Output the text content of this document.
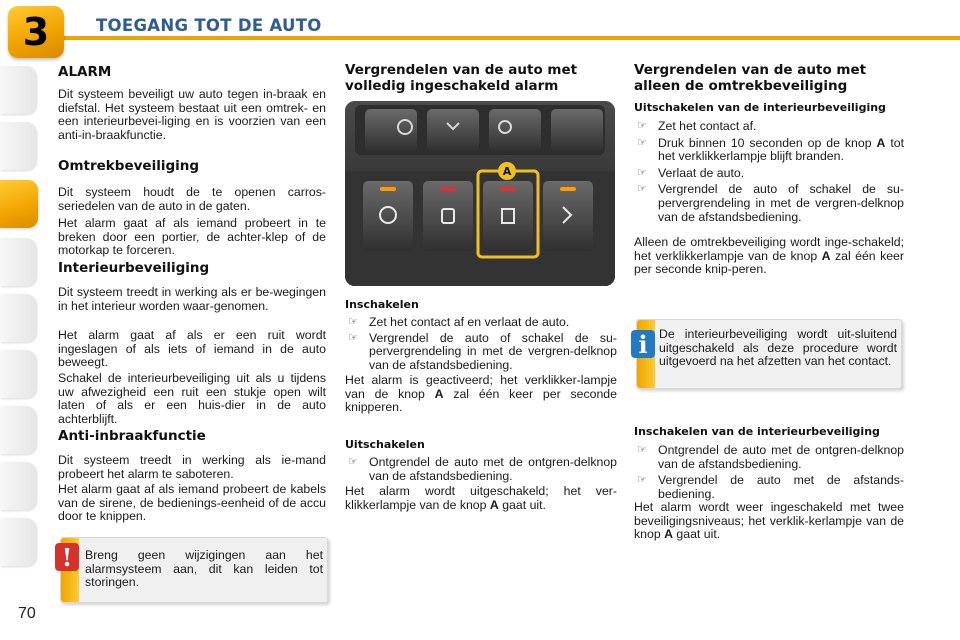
3	TOEGANG TOT DE AUTO
70
ALARM

Dit systeem beveiligt uw auto tegen in-braak en diefstal. Het systeem bestaat uit een omtrek- en een interieurbevei-liging en is voorzien van een anti-in-braakfunctie.

Omtrekbeveiliging

Dit systeem houdt de te openen carros-seriedelen van de auto in de gaten.

Het alarm gaat af als iemand probeert in te breken door een portier, de achter-klep of de motorkap te forceren.

Interieurbeveiliging

Dit systeem treedt in werking als er be-wegingen in het interieur worden waar-genomen.

Het alarm gaat af als er een ruit wordt ingeslagen of als iets of iemand in de auto beweegt.

Schakel de interieurbeveiliging uit als u tijdens uw afwezigheid een ruit een stukje open wilt laten of als er een huis-dier in de auto achterblijft.

Anti-inbraakfunctie

Dit systeem treedt in werking als ie-mand probeert het alarm te saboteren.

Het alarm gaat af als iemand probeert de kabels van de sirene, de bedienings-eenheid of de accu door te knippen.

!	Breng geen wijzigingen aan het alarmsysteem aan, dit kan leiden tot storingen.
Vergrendelen van de auto met volledig ingeschakeld alarm
A
Inschakelen
☞ Zet het contact af en verlaat de auto.
☞ Vergrendel de auto of schakel de su-pervergrendeling in met de vergren-delknop van de afstandsbediening.

Het alarm is geactiveerd; het verklikker-lampje van de knop A zal één keer per seconde knipperen.

Uitschakelen
☞ Ontgrendel de auto met de ontgren-delknop van de afstandsbediening.

Het alarm wordt uitgeschakeld; het ver-klikkerlampje van de knop A gaat uit.

Vergrendelen van de auto met alleen de omtrekbeveiliging
Uitschakelen van de interieurbeveiliging
☞ Zet het contact af.
☞ Druk binnen 10 seconden op de knop A tot het verklikkerlampje blijft branden.
☞ Verlaat de auto.
☞ Vergrendel de auto of schakel de su-pervergrendeling in met de vergren-delknop van de afstandsbediening.

Alleen de omtrekbeveiliging wordt inge-schakeld; het verklikkerlampje van de knop A zal één keer per seconde knip-peren.

i De interieurbeveiliging wordt uit-sluitend uitgeschakeld als deze procedure wordt uitgevoerd na het afzetten van het contact.
Inschakelen van de interieurbeveiliging
☞ Ontgrendel de auto met de ontgren-delknop van de afstandsbediening.
☞ Vergrendel de auto met de afstands-bediening.

Het alarm wordt weer ingeschakeld met twee beveiligingsniveaus; het verklik-kerlampje van de knop A gaat uit.
